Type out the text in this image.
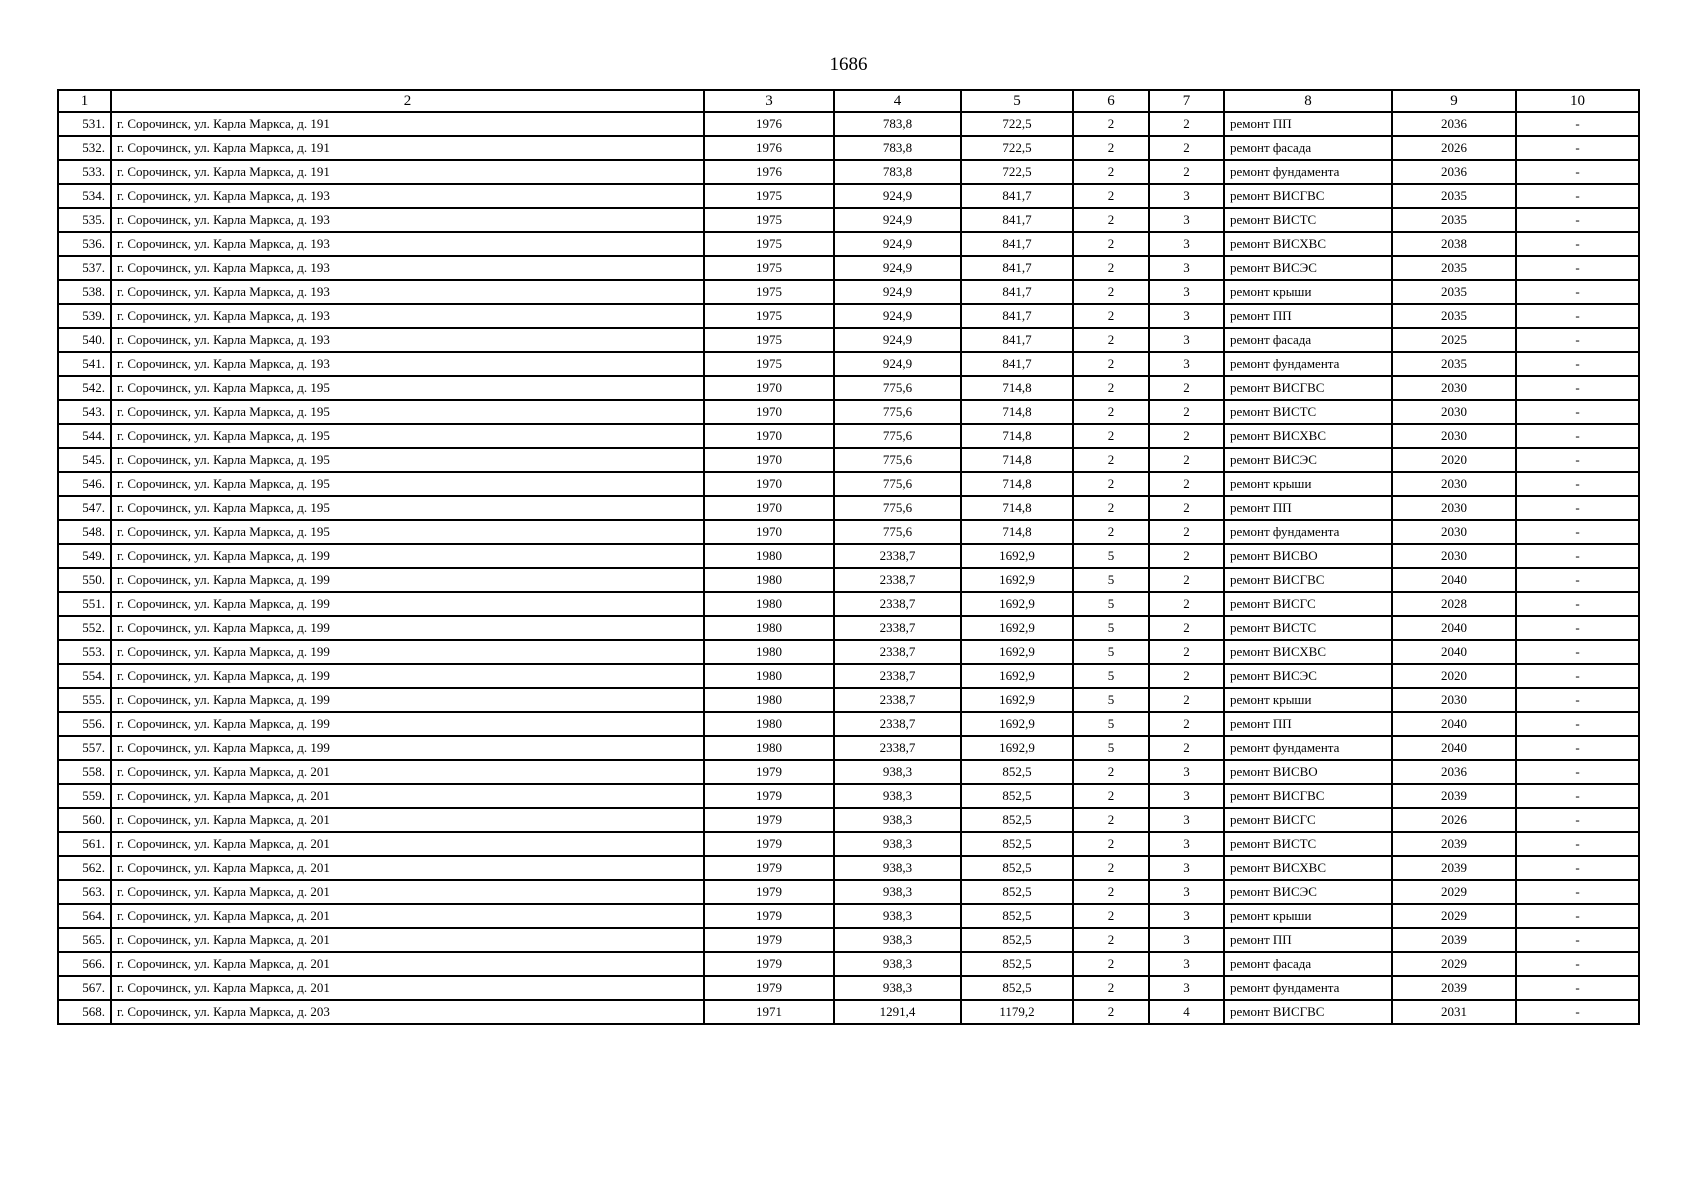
1686
1	2	3	4	5	6	7	8	9	10
531.	г. Сорочинск, ул. Карла Маркса, д. 191	1976	783,8	722,5	2	2	ремонт ПП	2036	-
532.	г. Сорочинск, ул. Карла Маркса, д. 191	1976	783,8	722,5	2	2	ремонт фасада	2026	-
533.	г. Сорочинск, ул. Карла Маркса, д. 191	1976	783,8	722,5	2	2	ремонт фундамента	2036	-
534.	г. Сорочинск, ул. Карла Маркса, д. 193	1975	924,9	841,7	2	3	ремонт ВИСГВС	2035	-
535.	г. Сорочинск, ул. Карла Маркса, д. 193	1975	924,9	841,7	2	3	ремонт ВИСТС	2035	-
536.	г. Сорочинск, ул. Карла Маркса, д. 193	1975	924,9	841,7	2	3	ремонт ВИСХВС	2038	-
537.	г. Сорочинск, ул. Карла Маркса, д. 193	1975	924,9	841,7	2	3	ремонт ВИСЭС	2035	-
538.	г. Сорочинск, ул. Карла Маркса, д. 193	1975	924,9	841,7	2	3	ремонт крыши	2035	-
539.	г. Сорочинск, ул. Карла Маркса, д. 193	1975	924,9	841,7	2	3	ремонт ПП	2035	-
540.	г. Сорочинск, ул. Карла Маркса, д. 193	1975	924,9	841,7	2	3	ремонт фасада	2025	-
541.	г. Сорочинск, ул. Карла Маркса, д. 193	1975	924,9	841,7	2	3	ремонт фундамента	2035	-
542.	г. Сорочинск, ул. Карла Маркса, д. 195	1970	775,6	714,8	2	2	ремонт ВИСГВС	2030	-
543.	г. Сорочинск, ул. Карла Маркса, д. 195	1970	775,6	714,8	2	2	ремонт ВИСТС	2030	-
544.	г. Сорочинск, ул. Карла Маркса, д. 195	1970	775,6	714,8	2	2	ремонт ВИСХВС	2030	-
545.	г. Сорочинск, ул. Карла Маркса, д. 195	1970	775,6	714,8	2	2	ремонт ВИСЭС	2020	-
546.	г. Сорочинск, ул. Карла Маркса, д. 195	1970	775,6	714,8	2	2	ремонт крыши	2030	-
547.	г. Сорочинск, ул. Карла Маркса, д. 195	1970	775,6	714,8	2	2	ремонт ПП	2030	-
548.	г. Сорочинск, ул. Карла Маркса, д. 195	1970	775,6	714,8	2	2	ремонт фундамента	2030	-
549.	г. Сорочинск, ул. Карла Маркса, д. 199	1980	2338,7	1692,9	5	2	ремонт ВИСВО	2030	-
550.	г. Сорочинск, ул. Карла Маркса, д. 199	1980	2338,7	1692,9	5	2	ремонт ВИСГВС	2040	-
551.	г. Сорочинск, ул. Карла Маркса, д. 199	1980	2338,7	1692,9	5	2	ремонт ВИСГС	2028	-
552.	г. Сорочинск, ул. Карла Маркса, д. 199	1980	2338,7	1692,9	5	2	ремонт ВИСТС	2040	-
553.	г. Сорочинск, ул. Карла Маркса, д. 199	1980	2338,7	1692,9	5	2	ремонт ВИСХВС	2040	-
554.	г. Сорочинск, ул. Карла Маркса, д. 199	1980	2338,7	1692,9	5	2	ремонт ВИСЭС	2020	-
555.	г. Сорочинск, ул. Карла Маркса, д. 199	1980	2338,7	1692,9	5	2	ремонт крыши	2030	-
556.	г. Сорочинск, ул. Карла Маркса, д. 199	1980	2338,7	1692,9	5	2	ремонт ПП	2040	-
557.	г. Сорочинск, ул. Карла Маркса, д. 199	1980	2338,7	1692,9	5	2	ремонт фундамента	2040	-
558.	г. Сорочинск, ул. Карла Маркса, д. 201	1979	938,3	852,5	2	3	ремонт ВИСВО	2036	-
559.	г. Сорочинск, ул. Карла Маркса, д. 201	1979	938,3	852,5	2	3	ремонт ВИСГВС	2039	-
560.	г. Сорочинск, ул. Карла Маркса, д. 201	1979	938,3	852,5	2	3	ремонт ВИСГС	2026	-
561.	г. Сорочинск, ул. Карла Маркса, д. 201	1979	938,3	852,5	2	3	ремонт ВИСТС	2039	-
562.	г. Сорочинск, ул. Карла Маркса, д. 201	1979	938,3	852,5	2	3	ремонт ВИСХВС	2039	-
563.	г. Сорочинск, ул. Карла Маркса, д. 201	1979	938,3	852,5	2	3	ремонт ВИСЭС	2029	-
564.	г. Сорочинск, ул. Карла Маркса, д. 201	1979	938,3	852,5	2	3	ремонт крыши	2029	-
565.	г. Сорочинск, ул. Карла Маркса, д. 201	1979	938,3	852,5	2	3	ремонт ПП	2039	-
566.	г. Сорочинск, ул. Карла Маркса, д. 201	1979	938,3	852,5	2	3	ремонт фасада	2029	-
567.	г. Сорочинск, ул. Карла Маркса, д. 201	1979	938,3	852,5	2	3	ремонт фундамента	2039	-
568.	г. Сорочинск, ул. Карла Маркса, д. 203	1971	1291,4	1179,2	2	4	ремонт ВИСГВС	2031	-
